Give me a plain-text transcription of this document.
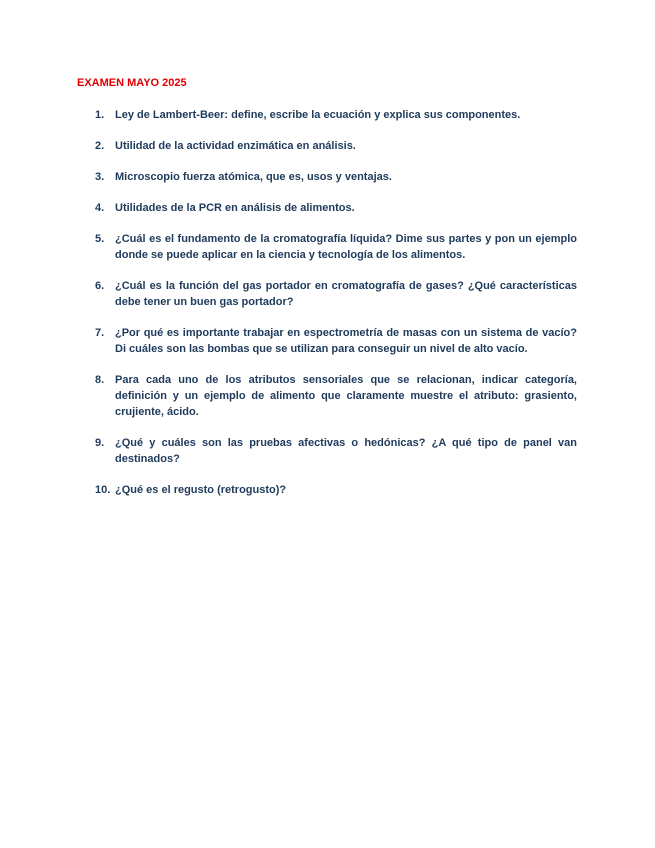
EXAMEN MAYO 2025
1. Ley de Lambert-Beer: define, escribe la ecuación y explica sus componentes.
2. Utilidad de la actividad enzimática en análisis.
3. Microscopio fuerza atómica, que es, usos y ventajas.
4. Utilidades de la PCR en análisis de alimentos.
5. ¿Cuál es el fundamento de la cromatografía líquida? Dime sus partes y pon un ejemplo donde se puede aplicar en la ciencia y tecnología de los alimentos.
6. ¿Cuál es la función del gas portador en cromatografía de gases? ¿Qué características debe tener un buen gas portador?
7. ¿Por qué es importante trabajar en espectrometría de masas con un sistema de vacío? Di cuáles son las bombas que se utilizan para conseguir un nivel de alto vacío.
8. Para cada uno de los atributos sensoriales que se relacionan, indicar categoría, definición y un ejemplo de alimento que claramente muestre el atributo: grasiento, crujiente, ácido.
9. ¿Qué y cuáles son las pruebas afectivas o hedónicas? ¿A qué tipo de panel van destinados?
10. ¿Qué es el regusto (retrogusto)?
